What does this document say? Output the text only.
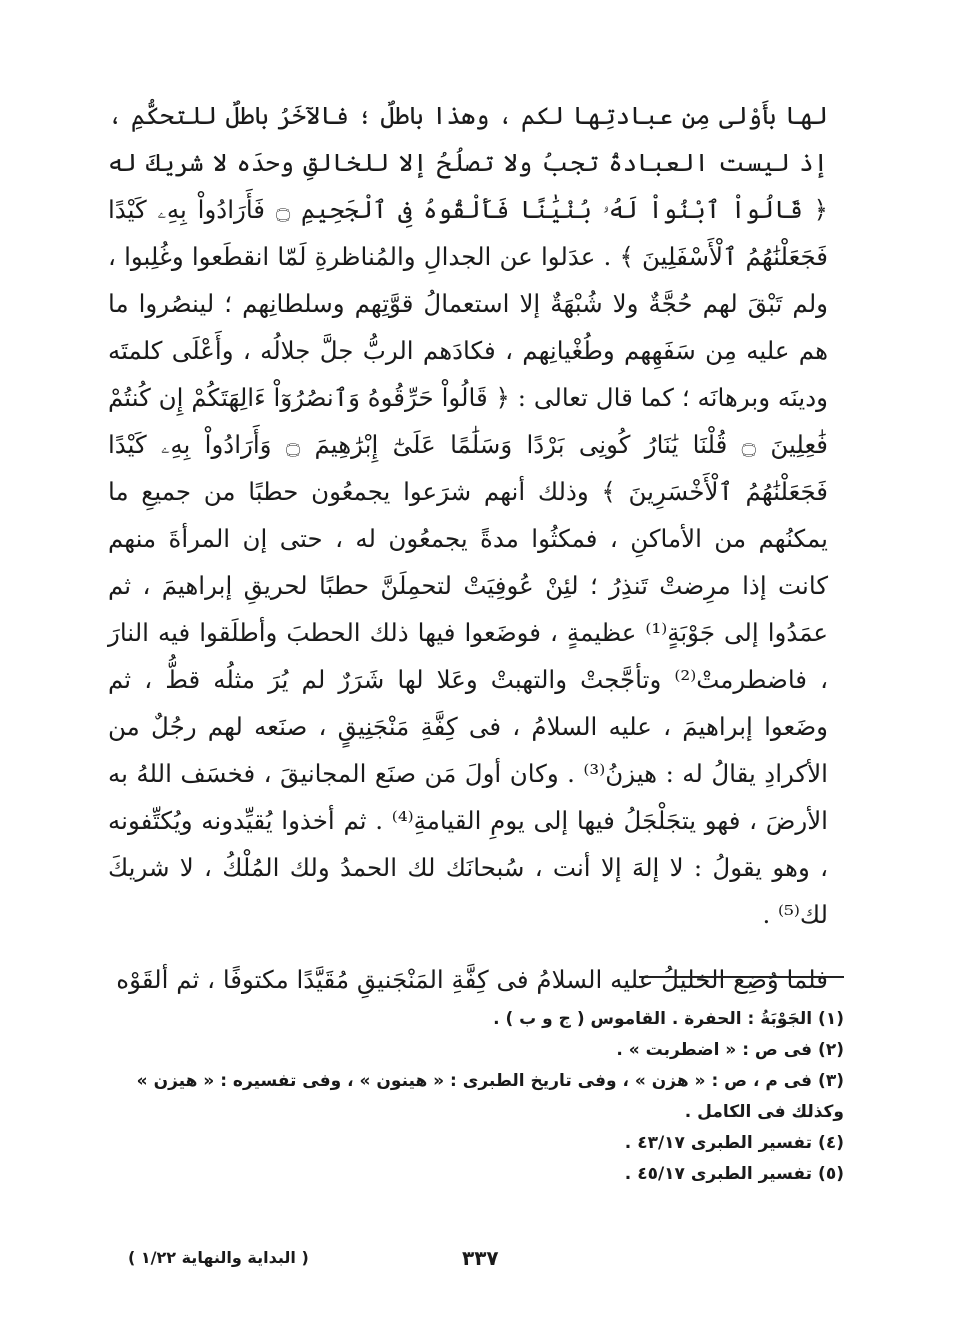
لها بأَوْلى مِن عبادتِها لكم ، وهذا باطلٌ ؛ فالآخَرُ باطلٌ للتحكُّمِ ، إذ ليست العبادةُ تجبُ ولا تصلُحُ إلا للخالقِ وحدَه لا شريكَ له ﴿ قَالُواْ ٱبْنُواْ لَهُۥ بُنْيَٰنًا فَأَلْقُوهُ فِى ٱلْجَحِيمِ ۝ فَأَرَادُواْ بِهِۦ كَيْدًا فَجَعَلْنَٰهُمُ ٱلْأَسْفَلِينَ ﴾ . عدَلوا عن الجدالِ والمُناظرةِ لَمّا انقطَعوا وغُلِبوا ، ولم تَبْقَ لهم حُجَّةٌ ولا شُبْهَةٌ إلا استعمالُ قوَّتِهم وسلطانِهم ؛ لينصُروا ما هم عليه مِن سَفَهِهم وطُغْيانِهم ، فكادَهم الربُّ جلَّ جلالُه ، وأَعْلَى كلمتَه ودينَه وبرهانَه ؛ كما قال تعالى : ﴿ قَالُواْ حَرِّقُوهُ وَٱنصُرُوٓاْ ءَالِهَتَكُمْ إِن كُنتُمْ فَٰعِلِينَ ۝ قُلْنَا يَٰنَارُ كُونِى بَرْدًا وَسَلَٰمًا عَلَىٰٓ إِبْرَٰهِيمَ ۝ وَأَرَادُواْ بِهِۦ كَيْدًا فَجَعَلْنَٰهُمُ ٱلْأَخْسَرِينَ ﴾ وذلك أنهم شرَعوا يجمعُون حطبًا من جميعِ ما يمكنُهم من الأماكنِ ، فمكثُوا مدةً يجمعُون له ، حتى إن المرأةَ منهم كانت إذا مرِضتْ تَنذِرُ ؛ لئِنْ عُوفِيَتْ لتحمِلَنَّ حطبًا لحريقِ إبراهيمَ ، ثم عمَدُوا إلى جَوْبَةٍ⁽¹⁾ عظيمةٍ ، فوضَعوا فيها ذلك الحطبَ وأطلَقوا فيه النارَ ، فاضطرمتْ⁽²⁾ وتأجَّجتْ والتهبتْ وعَلا لها شَرَرٌ لم يُرَ مثلُه قطُّ ، ثم وضَعوا إبراهيمَ ، عليه السلامُ ، فى كِفَّةِ مَنْجَنِيقٍ ، صنَعه لهم رجُلٌ من الأكرادِ يقالُ له : هيزنُ⁽³⁾ . وكان أولَ مَن صنَع المجانيقَ ، فخسَف اللهُ به الأرضَ ، فهو يتجَلْجَلُ فيها إلى يومِ القيامةِ⁽⁴⁾ . ثم أخذوا يُقيِّدونه ويُكتِّفونه ، وهو يقولُ : لا إلهَ إلا أنت ، سُبحانَك لك الحمدُ ولك المُلْكُ ، لا شريكَ لك⁽⁵⁾ .

فلما وُضِع الخليلُ عليه السلامُ فى كِفَّةِ المَنْجَنيقِ مُقَيَّدًا مكتوفًا ، ثم ألقَوْه

(١)الجَوْبَةُ : الحفرة . القاموس ( ج و ب ) .

(٢)فى ص : « اضطربت » .

(٣)فى م ، ص : « هزن » ، وفى تاريخ الطبرى : « هينون » ، وفى تفسيره : « هيزن » وكذلك فى الكامل .

(٤)تفسير الطبرى ٤٣/١٧ .

(٥)تفسير الطبرى ٤٥/١٧ .

٣٣٧
( البداية والنهاية ١/٢٢ )
